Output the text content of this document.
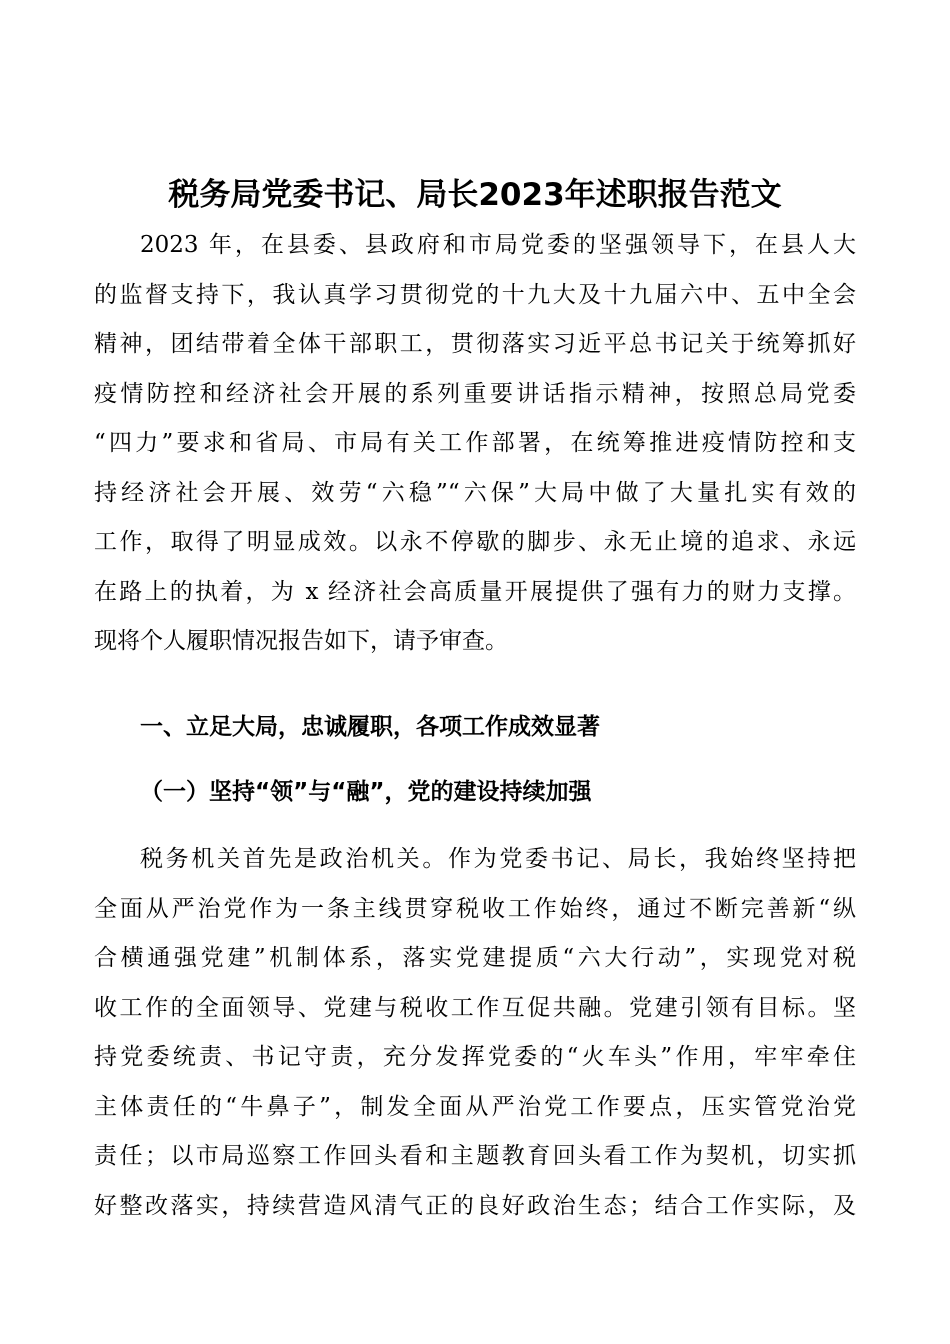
税务局党委书记、局长2023年述职报告范文
2023 年，在县委、县政府和市局党委的坚强领导下，在县人大
的监督支持下，我认真学习贯彻党的十九大及十九届六中、五中全会
精神，团结带着全体干部职工，贯彻落实习近平总书记关于统筹抓好
疫情防控和经济社会开展的系列重要讲话指示精神，按照总局党委
“四力”要求和省局、市局有关工作部署，在统筹推进疫情防控和支
持经济社会开展、效劳“六稳”“六保”大局中做了大量扎实有效的
工作，取得了明显成效。以永不停歇的脚步、永无止境的追求、永远
在路上的执着，为 x 经济社会高质量开展提供了强有力的财力支撑。
现将个人履职情况报告如下，请予审查。
一、立足大局，忠诚履职，各项工作成效显著
（一）坚持“领”与“融”，党的建设持续加强
税务机关首先是政治机关。作为党委书记、局长，我始终坚持把
全面从严治党作为一条主线贯穿税收工作始终，通过不断完善新“纵
合横通强党建”机制体系，落实党建提质“六大行动”，实现党对税
收工作的全面领导、党建与税收工作互促共融。党建引领有目标。坚
持党委统责、书记守责，充分发挥党委的“火车头”作用，牢牢牵住
主体责任的“牛鼻子”，制发全面从严治党工作要点，压实管党治党
责任；以市局巡察工作回头看和主题教育回头看工作为契机，切实抓
好整改落实，持续营造风清气正的良好政治生态；结合工作实际，及
